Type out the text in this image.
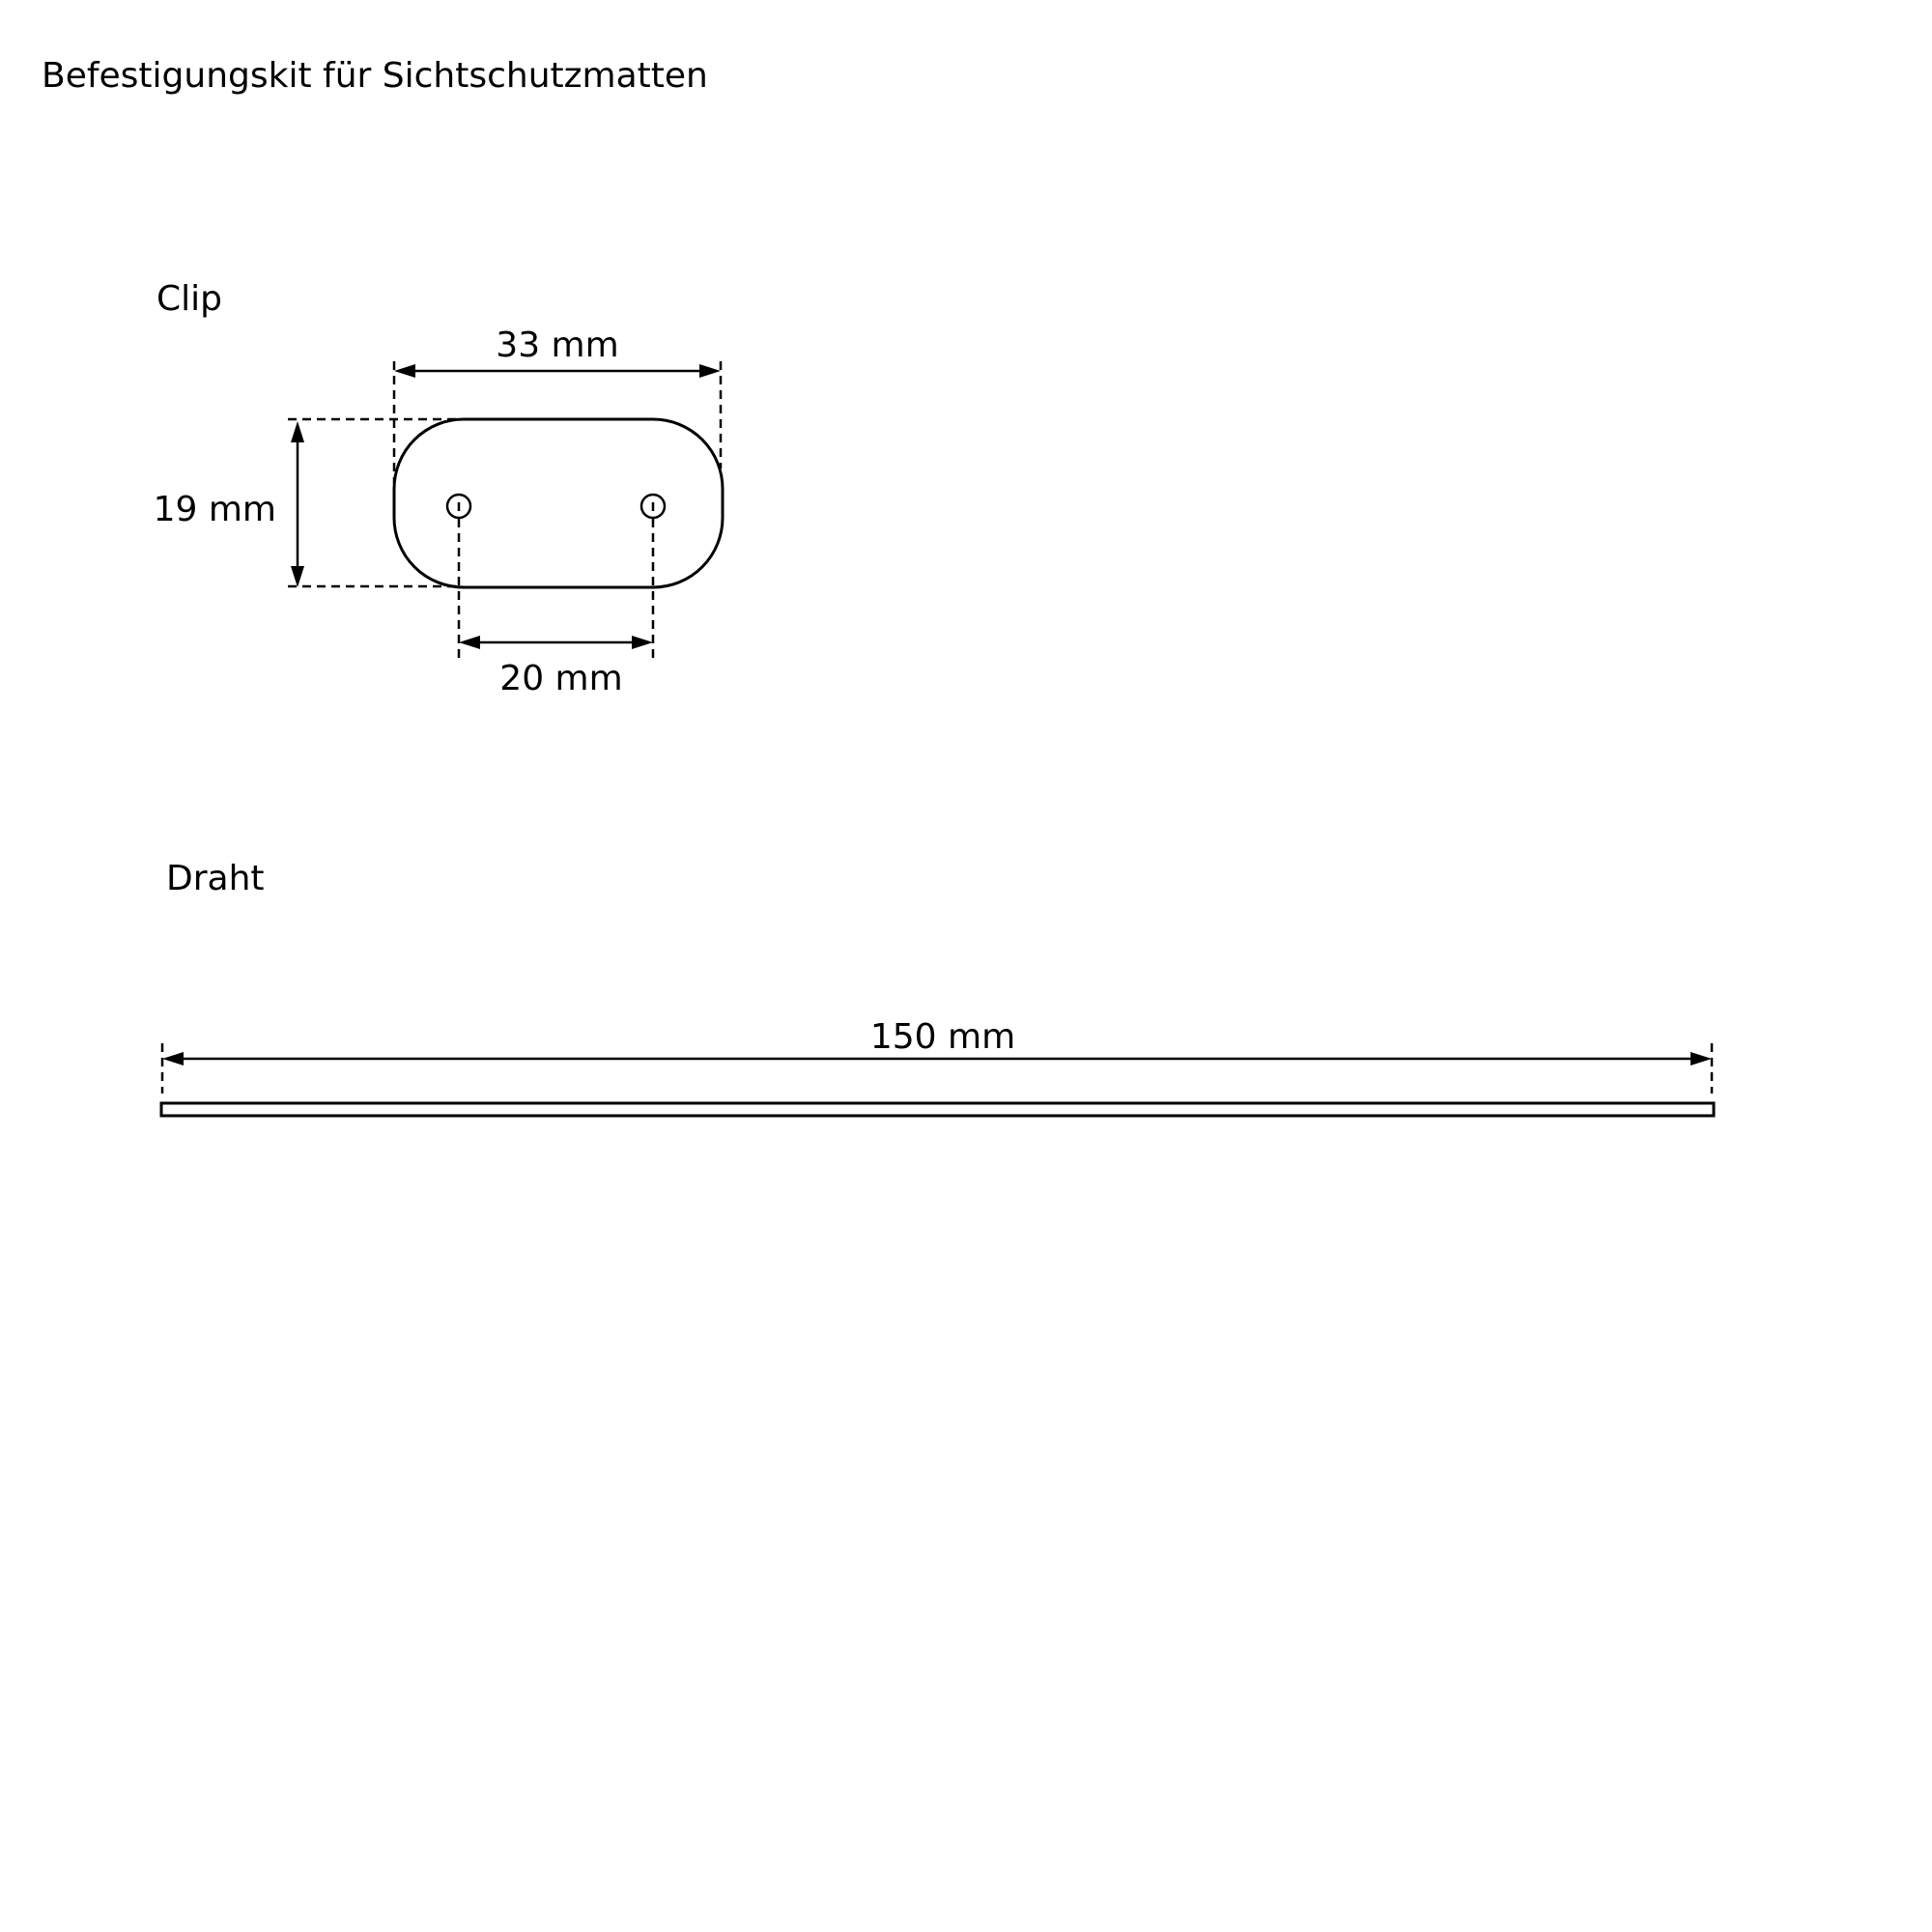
Befestigungskit für Sichtschutzmatten
Clip
33 mm
19 mm
20 mm
Draht
150 mm
